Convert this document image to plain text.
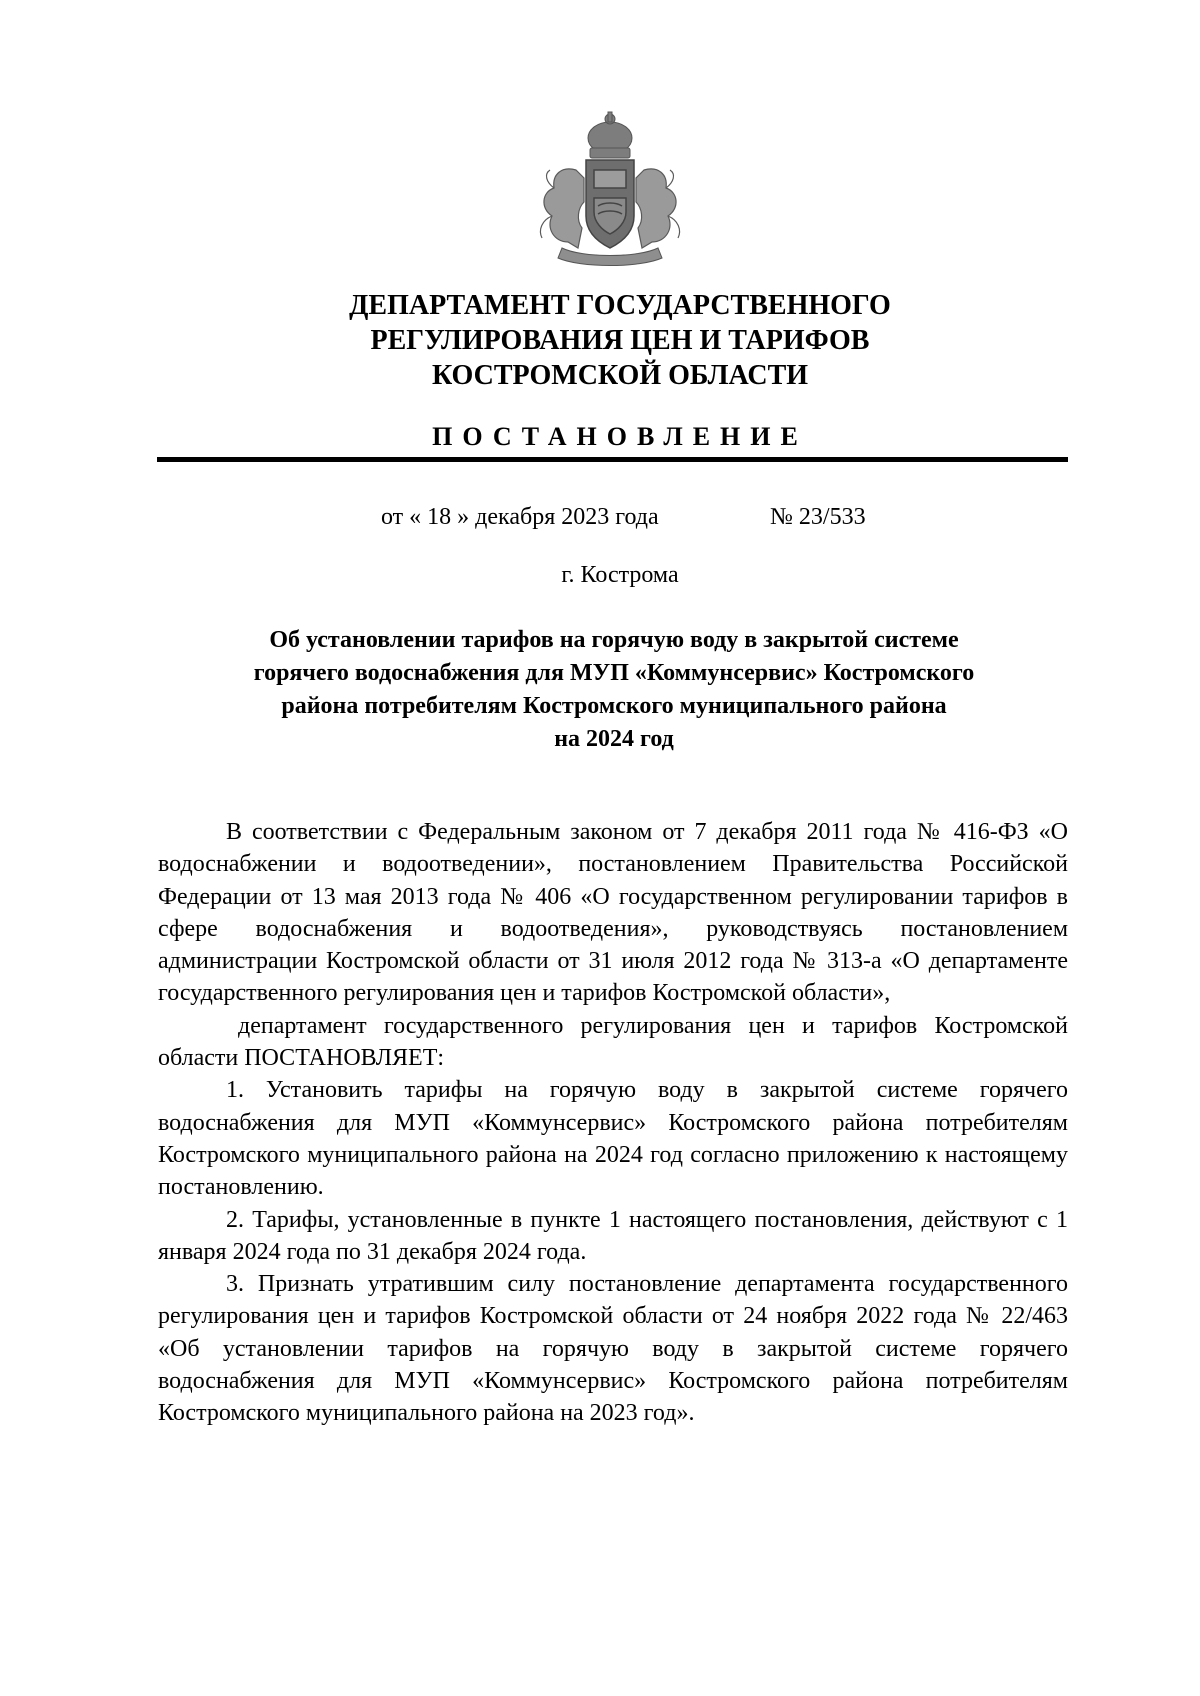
ДЕПАРТАМЕНТ ГОСУДАРСТВЕННОГО
РЕГУЛИРОВАНИЯ ЦЕН И ТАРИФОВ
КОСТРОМСКОЙ ОБЛАСТИ
ПОСТАНОВЛЕНИЕ
от « 18 » декабря 2023 года	№ 23/533
г. Кострома
Об установлении тарифов на горячую воду в закрытой системе
горячего водоснабжения для МУП «Коммунсервис» Костромского
района потребителям Костромского муниципального района
на 2024 год

В соответствии с Федеральным законом от 7 декабря 2011 года № 416-ФЗ «О водоснабжении и водоотведении», постановлением Правительства Российской Федерации от 13 мая 2013 года № 406 «О государственном регулировании тарифов в сфере водоснабжения и водоотведения», руководствуясь постановлением администрации Костромской области от 31 июля 2012 года № 313-а «О департаменте государственного регулирования цен и тарифов Костромской области»,

департамент государственного регулирования цен и тарифов Костромской области ПОСТАНОВЛЯЕТ:

1. Установить тарифы на горячую воду в закрытой системе горячего водоснабжения для МУП «Коммунсервис» Костромского района потребителям Костромского муниципального района на 2024 год согласно приложению к настоящему постановлению.

2. Тарифы, установленные в пункте 1 настоящего постановления, действуют с 1 января 2024 года по 31 декабря 2024 года.

3. Признать утратившим силу постановление департамента государственного регулирования цен и тарифов Костромской области от 24 ноября 2022 года № 22/463 «Об установлении тарифов на горячую воду в закрытой системе горячего водоснабжения для МУП «Коммунсервис» Костромского района потребителям Костромского муниципального района на 2023 год».
